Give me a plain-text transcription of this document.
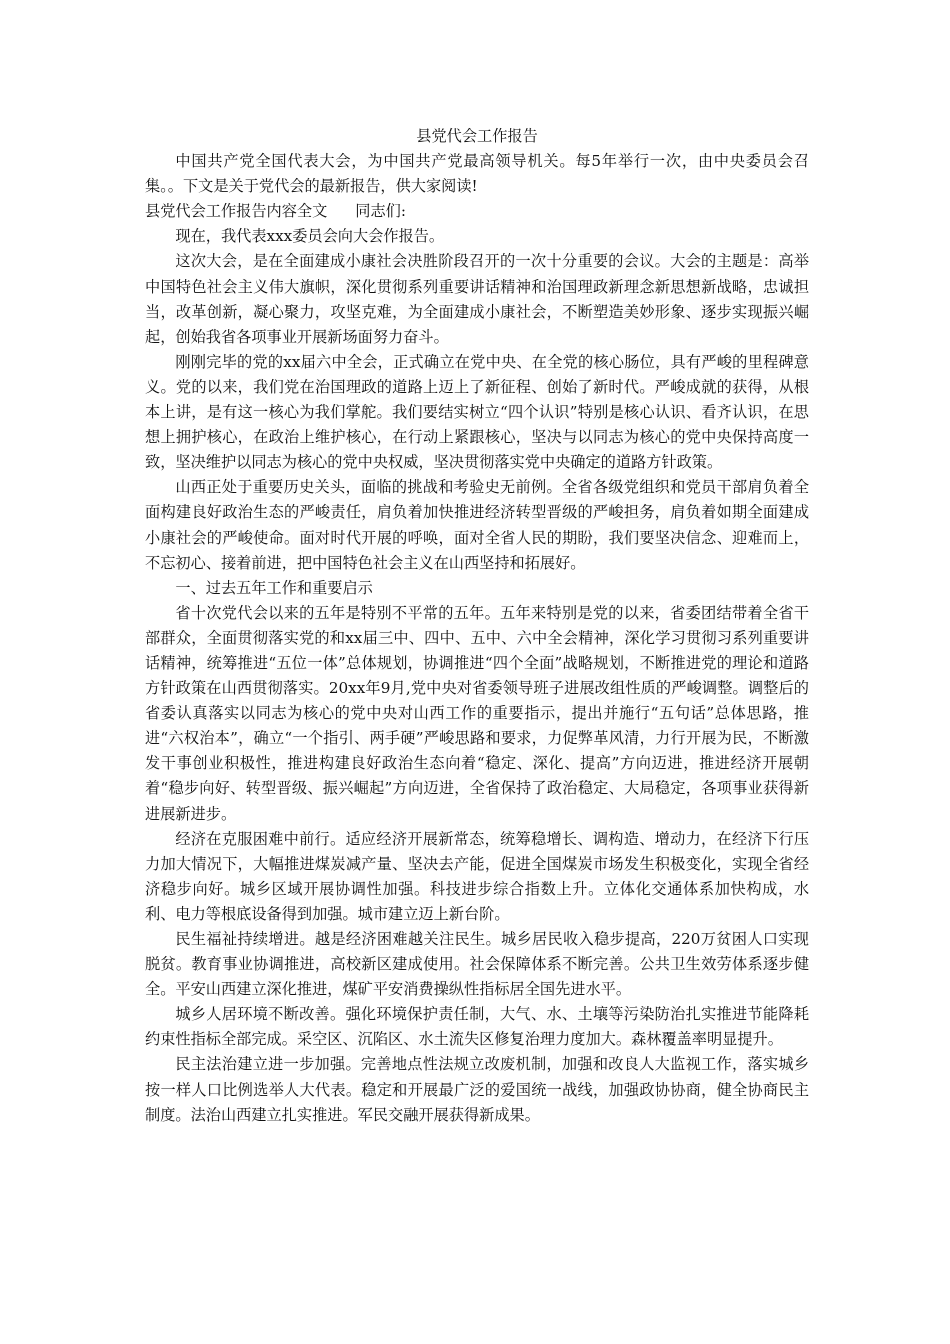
县党代会工作报告

中国共产党全国代表大会，为中国共产党最高领导机关。每5年举行一次，由中央委员会召集。。下文是关于党代会的最新报告，供大家阅读!

县党代会工作报告内容全文 同志们:

现在，我代表xxx委员会向大会作报告。

这次大会，是在全面建成小康社会决胜阶段召开的一次十分重要的会议。大会的主题是：高举中国特色社会主义伟大旗帜，深化贯彻系列重要讲话精神和治国理政新理念新思想新战略，忠诚担当，改革创新，凝心聚力，攻坚克难，为全面建成小康社会，不断塑造美妙形象、逐步实现振兴崛起，创始我省各项事业开展新场面努力奋斗。

刚刚完毕的党的xx届六中全会，正式确立在党中央、在全党的核心肠位，具有严峻的里程碑意义。党的以来，我们党在治国理政的道路上迈上了新征程、创始了新时代。严峻成就的获得，从根本上讲，是有这一核心为我们掌舵。我们要结实树立“四个认识”特别是核心认识、看齐认识，在思想上拥护核心，在政治上维护核心，在行动上紧跟核心，坚决与以同志为核心的党中央保持高度一致，坚决维护以同志为核心的党中央权威，坚决贯彻落实党中央确定的道路方针政策。

山西正处于重要历史关头，面临的挑战和考验史无前例。全省各级党组织和党员干部肩负着全面构建良好政治生态的严峻责任，肩负着加快推进经济转型晋级的严峻担务，肩负着如期全面建成小康社会的严峻使命。面对时代开展的呼唤，面对全省人民的期盼，我们要坚决信念、迎难而上，不忘初心、接着前进，把中国特色社会主义在山西坚持和拓展好。

一、过去五年工作和重要启示

省十次党代会以来的五年是特别不平常的五年。五年来特别是党的以来，省委团结带着全省干部群众，全面贯彻落实党的和xx届三中、四中、五中、六中全会精神，深化学习贯彻习系列重要讲话精神，统筹推进“五位一体”总体规划，协调推进“四个全面”战略规划，不断推进党的理论和道路方针政策在山西贯彻落实。20xx年9月,党中央对省委领导班子进展改组性质的严峻调整。调整后的省委认真落实以同志为核心的党中央对山西工作的重要指示，提出并施行“五句话”总体思路，推进“六权治本”，确立“一个指引、两手硬”严峻思路和要求，力促弊革风清，力行开展为民，不断激发干事创业积极性，推进构建良好政治生态向着“稳定、深化、提高”方向迈进，推进经济开展朝着“稳步向好、转型晋级、振兴崛起”方向迈进，全省保持了政治稳定、大局稳定，各项事业获得新进展新进步。

经济在克服困难中前行。适应经济开展新常态，统筹稳增长、调构造、增动力，在经济下行压力加大情况下，大幅推进煤炭减产量、坚决去产能，促进全国煤炭市场发生积极变化，实现全省经济稳步向好。城乡区域开展协调性加强。科技进步综合指数上升。立体化交通体系加快构成，水利、电力等根底设备得到加强。城市建立迈上新台阶。

民生福祉持续增进。越是经济困难越关注民生。城乡居民收入稳步提高，220万贫困人口实现脱贫。教育事业协调推进，高校新区建成使用。社会保障体系不断完善。公共卫生效劳体系逐步健全。平安山西建立深化推进，煤矿平安消费操纵性指标居全国先进水平。

城乡人居环境不断改善。强化环境保护责任制，大气、水、土壤等污染防治扎实推进节能降耗约束性指标全部完成。采空区、沉陷区、水土流失区修复治理力度加大。森林覆盖率明显提升。

民主法治建立进一步加强。完善地点性法规立改废机制，加强和改良人大监视工作，落实城乡按一样人口比例选举人大代表。稳定和开展最广泛的爱国统一战线，加强政协协商，健全协商民主制度。法治山西建立扎实推进。军民交融开展获得新成果。
